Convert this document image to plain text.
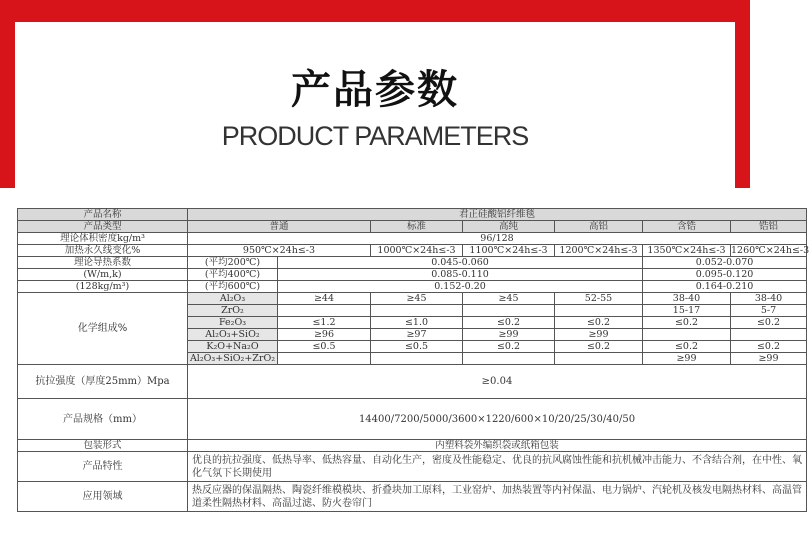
产品参数
PRODUCT PARAMETERS
产品名称	君正硅酸铝纤维毯						
产品类型	普通		标准	高纯	高铝	含锆	锆铝
理论体积密度kg/m³	96/128						
加热永久线变化%	950℃×24h≤-3		1000℃×24h≤-3	1100℃×24h≤-3	1200℃×24h≤-3	1350℃×24h≤-3	1260℃×24h≤-3
理论导热系数	(平均200℃)	0.045-0.060				0.052-0.070	
(W/m,k)	(平均400℃)	0.085-0.110				0.095-0.120	
(128kg/m³)	(平均600℃)	0.152-0.20				0.164-0.210	
化学组成%	Al₂O₃	≥44	≥45	≥45	52-55	38-40	38-40
	ZrO₂					15-17	5-7
	Fe₂O₃	≤1.2	≤1.0	≤0.2	≤0.2	≤0.2	≤0.2
	Al₂O₃+SiO₂	≥96	≥97	≥99	≥99		
	K₂O+Na₂O	≤0.5	≤0.5	≤0.2	≤0.2	≤0.2	≤0.2
	Al₂O₃+SiO₂+ZrO₂					≥99	≥99
抗拉强度（厚度25mm）Mpa	≥0.04						
产品规格（mm）	14400/7200/5000/3600×1220/600×10/20/25/30/40/50						
包装形式	内塑料袋外编织袋或纸箱包装						
产品特性	优良的抗拉强度、低热导率、低热容量、自动化生产，密度及性能稳定、优良的抗风腐蚀性能和抗机械冲击能力、不含结合剂，在中性、氧化气氛下长期使用						
应用领域	热反应器的保温隔热、陶瓷纤维模模块、折叠块加工原料，工业窑炉、加热装置等内衬保温、电力锅炉、汽轮机及核发电隔热材料、高温管道柔性隔热材料、高温过滤、防火卷帘门						
